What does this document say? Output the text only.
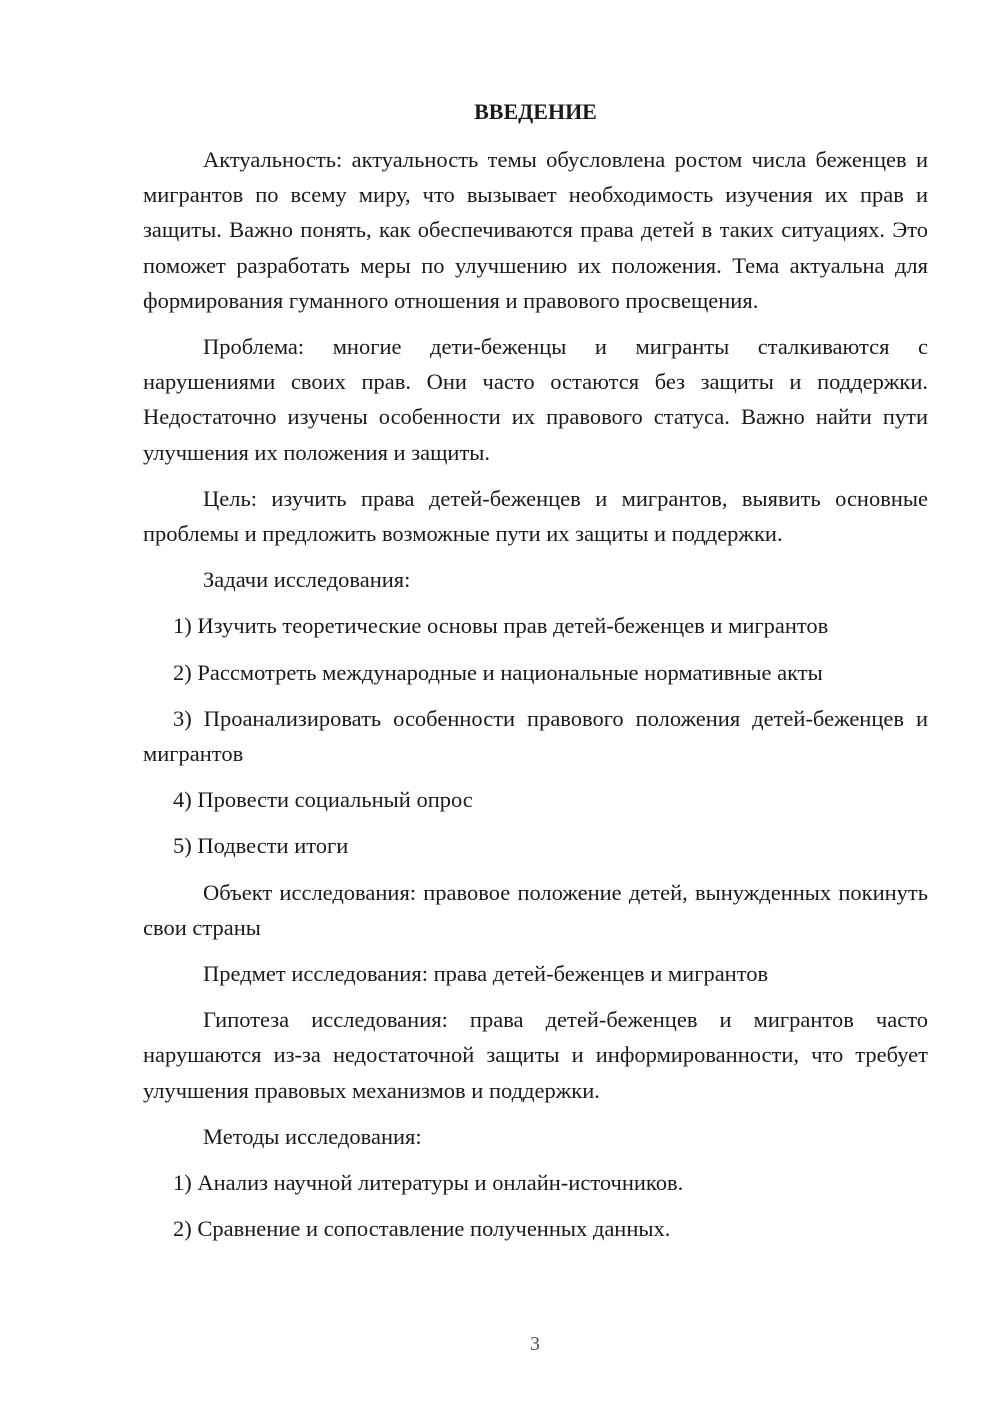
ВВЕДЕНИЕ

Актуальность: актуальность темы обусловлена ростом числа беженцев и мигрантов по всему миру, что вызывает необходимость изучения их прав и защиты. Важно понять, как обеспечиваются права детей в таких ситуациях. Это поможет разработать меры по улучшению их положения. Тема актуальна для формирования гуманного отношения и правового просвещения.

Проблема: многие дети-беженцы и мигранты сталкиваются с нарушениями своих прав. Они часто остаются без защиты и поддержки. Недостаточно изучены особенности их правового статуса. Важно найти пути улучшения их положения и защиты.

Цель: изучить права детей-беженцев и мигрантов, выявить основные проблемы и предложить возможные пути их защиты и поддержки.

Задачи исследования:

1) Изучить теоретические основы прав детей-беженцев и мигрантов

2) Рассмотреть международные и национальные нормативные акты

3) Проанализировать особенности правового положения детей-беженцев и мигрантов

4) Провести социальный опрос

5) Подвести итоги

Объект исследования: правовое положение детей, вынужденных покинуть свои страны

Предмет исследования: права детей-беженцев и мигрантов

Гипотеза исследования: права детей-беженцев и мигрантов часто нарушаются из-за недостаточной защиты и информированности, что требует улучшения правовых механизмов и поддержки.

Методы исследования:

1) Анализ научной литературы и онлайн-источников.

2) Сравнение и сопоставление полученных данных.

3
